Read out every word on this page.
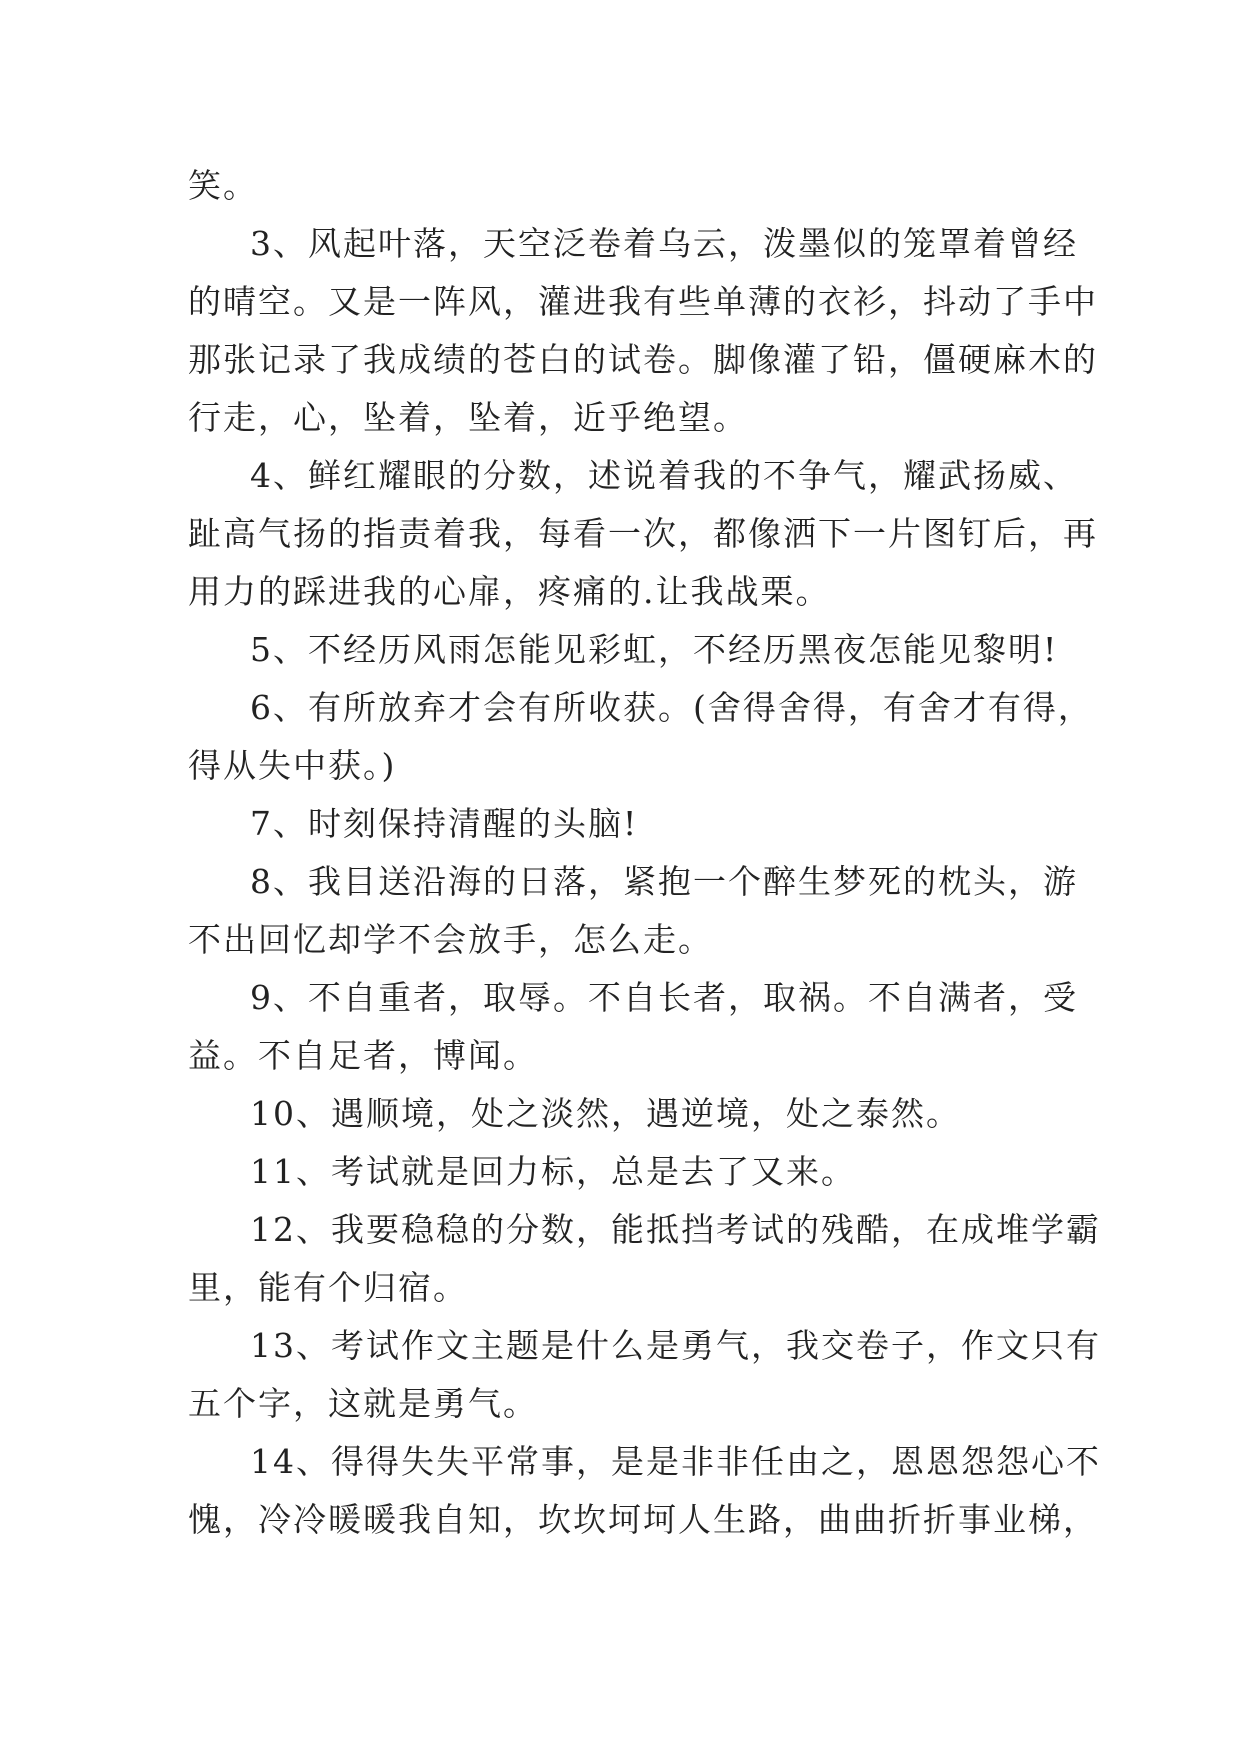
笑。
3、风起叶落，天空泛卷着乌云，泼墨似的笼罩着曾经
的晴空。又是一阵风，灌进我有些单薄的衣衫，抖动了手中
那张记录了我成绩的苍白的试卷。脚像灌了铅，僵硬麻木的
行走，心，坠着，坠着，近乎绝望。
4、鲜红耀眼的分数，述说着我的不争气，耀武扬威、
趾高气扬的指责着我，每看一次，都像洒下一片图钉后，再
用力的踩进我的心扉，疼痛的.让我战栗。
5、不经历风雨怎能见彩虹，不经历黑夜怎能见黎明!
6、有所放弃才会有所收获。(舍得舍得，有舍才有得，
得从失中获。)
7、时刻保持清醒的头脑!
8、我目送沿海的日落，紧抱一个醉生梦死的枕头，游
不出回忆却学不会放手，怎么走。
9、不自重者，取辱。不自长者，取祸。不自满者，受
益。不自足者，博闻。
10、遇顺境，处之淡然，遇逆境，处之泰然。
11、考试就是回力标，总是去了又来。
12、我要稳稳的分数，能抵挡考试的残酷，在成堆学霸
里，能有个归宿。
13、考试作文主题是什么是勇气，我交卷子，作文只有
五个字，这就是勇气。
14、得得失失平常事，是是非非任由之，恩恩怨怨心不
愧，冷冷暖暖我自知，坎坎坷坷人生路，曲曲折折事业梯，
